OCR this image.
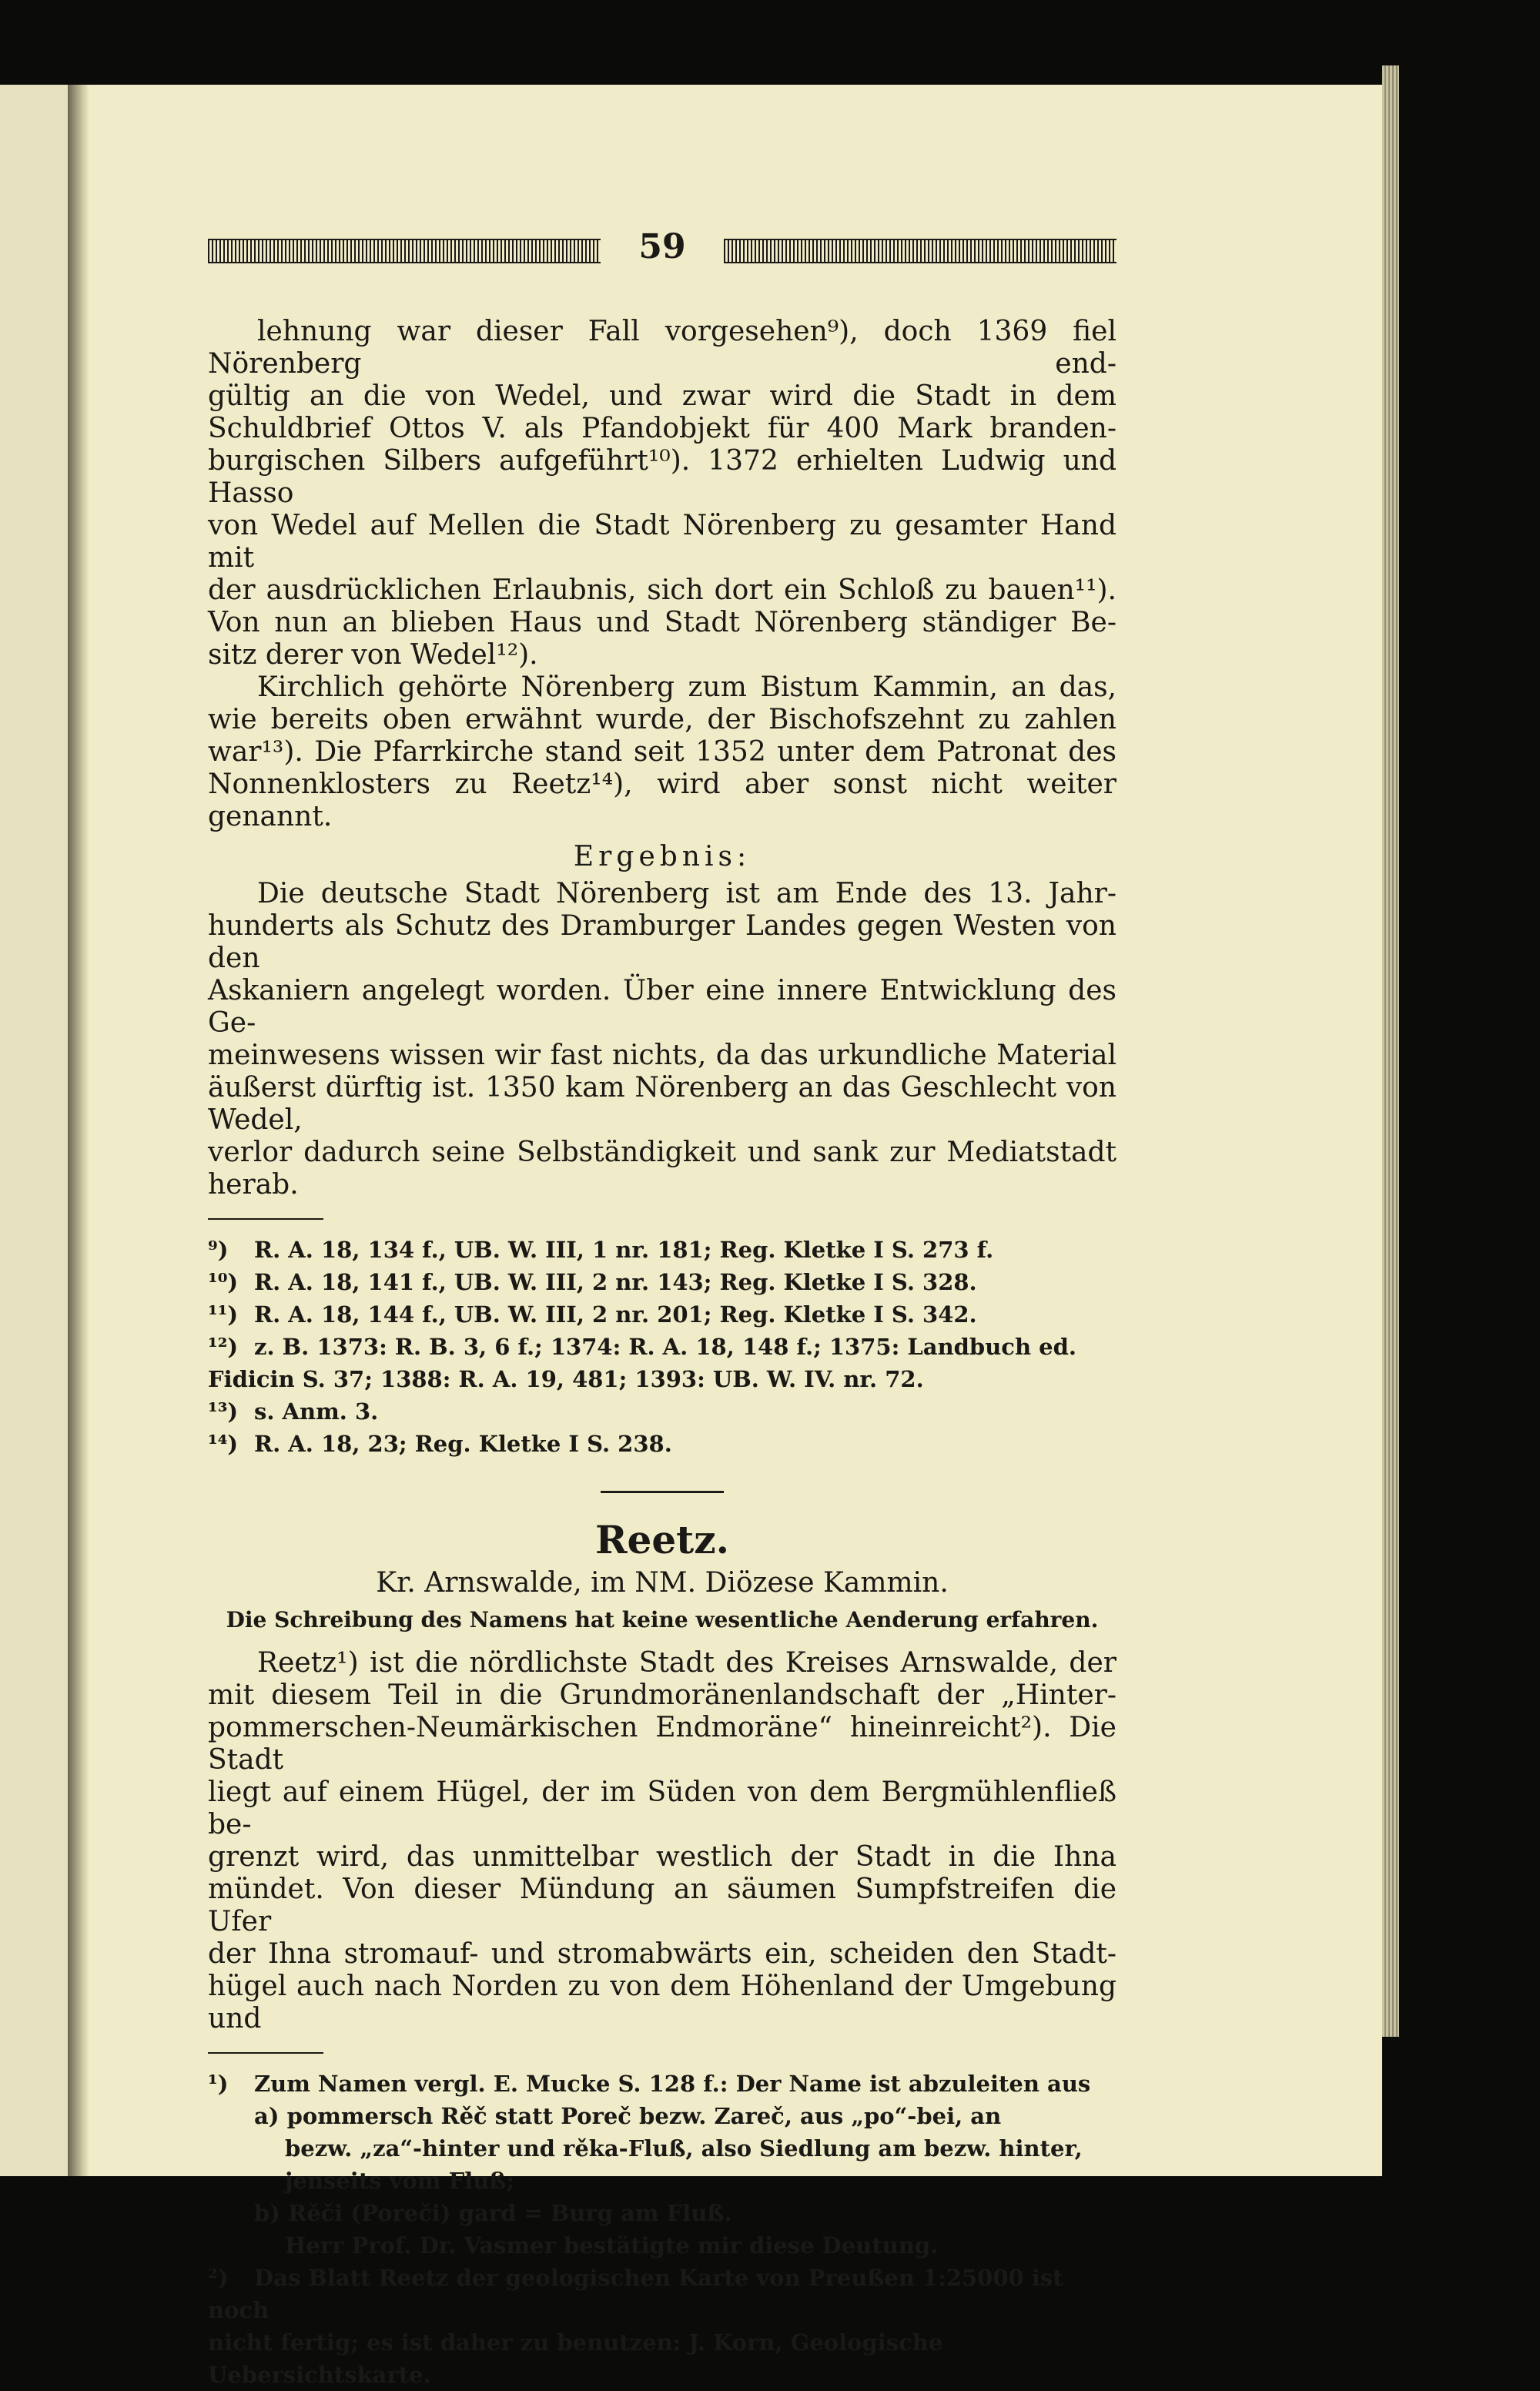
59
lehnung war dieser Fall vorgesehen⁹), doch 1369 fiel Nörenberg end-
gültig an die von Wedel, und zwar wird die Stadt in dem
Schuldbrief Ottos V. als Pfandobjekt für 400 Mark branden-
burgischen Silbers aufgeführt¹⁰). 1372 erhielten Ludwig und Hasso
von Wedel auf Mellen die Stadt Nörenberg zu gesamter Hand mit
der ausdrücklichen Erlaubnis, sich dort ein Schloß zu bauen¹¹).
Von nun an blieben Haus und Stadt Nörenberg ständiger Be-
sitz derer von Wedel¹²).
Kirchlich gehörte Nörenberg zum Bistum Kammin, an das,
wie bereits oben erwähnt wurde, der Bischofszehnt zu zahlen
war¹³). Die Pfarrkirche stand seit 1352 unter dem Patronat des
Nonnenklosters zu Reetz¹⁴), wird aber sonst nicht weiter genannt.

Ergebnis:

Die deutsche Stadt Nörenberg ist am Ende des 13. Jahr-
hunderts als Schutz des Dramburger Landes gegen Westen von den
Askaniern angelegt worden. Über eine innere Entwicklung des Ge-
meinwesens wissen wir fast nichts, da das urkundliche Material
äußerst dürftig ist. 1350 kam Nörenberg an das Geschlecht von Wedel,
verlor dadurch seine Selbständigkeit und sank zur Mediatstadt herab.
⁹) R. A. 18, 134 f., UB. W. III, 1 nr. 181; Reg. Kletke I S. 273 f.
¹⁰) R. A. 18, 141 f., UB. W. III, 2 nr. 143; Reg. Kletke I S. 328.
¹¹) R. A. 18, 144 f., UB. W. III, 2 nr. 201; Reg. Kletke I S. 342.
¹²) z. B. 1373: R. B. 3, 6 f.; 1374: R. A. 18, 148 f.; 1375: Landbuch ed.
Fidicin S. 37; 1388: R. A. 19, 481; 1393: UB. W. IV. nr. 72.
¹³) s. Anm. 3.
¹⁴) R. A. 18, 23; Reg. Kletke I S. 238.

Reetz.

Kr. Arnswalde, im NM. Diözese Kammin.

Die Schreibung des Namens hat keine wesentliche Aenderung erfahren.

Reetz¹) ist die nördlichste Stadt des Kreises Arnswalde, der
mit diesem Teil in die Grundmoränenlandschaft der „Hinter-
pommerschen-Neumärkischen Endmoräne“ hineinreicht²). Die Stadt
liegt auf einem Hügel, der im Süden von dem Bergmühlenfließ be-
grenzt wird, das unmittelbar westlich der Stadt in die Ihna
mündet. Von dieser Mündung an säumen Sumpfstreifen die Ufer
der Ihna stromauf- und stromabwärts ein, scheiden den Stadt-
hügel auch nach Norden zu von dem Höhenland der Umgebung und
¹) Zum Namen vergl. E. Mucke S. 128 f.: Der Name ist abzuleiten aus
a) pommersch Rěč statt Poreč bezw. Zareč, aus „po“-bei, an
bezw. „za“-hinter und rěka-Fluß, also Siedlung am bezw. hinter,
jenseits vom Fluß;
b) Rěči (Poreči) gard = Burg am Fluß.
Herr Prof. Dr. Vasmer bestätigte mir diese Deutung.
²) Das Blatt Reetz der geologischen Karte von Preußen 1:25000 ist noch
nicht fertig; es ist daher zu benutzen: J. Korn, Geologische Uebersichtskarte.
